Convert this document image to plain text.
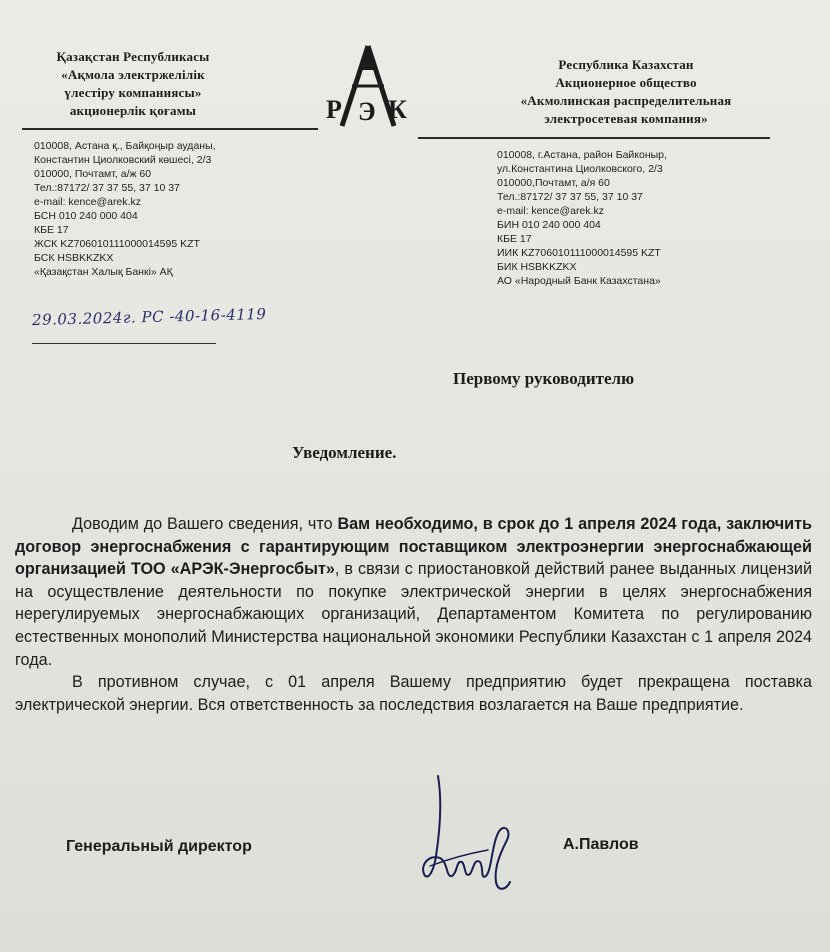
Қазақстан Республикасы
«Ақмола электржелілік
үлестіру компаниясы»
акционерлік қоғамы	Р Э К
Республика Казахстан
Акционерное общество
«Акмолинская распределительная
электросетевая компания»
010008, Астана қ., Байқоңыр ауданы,
Константин Циолковский көшесі, 2/3
010000, Почтамт, а/ж 60
Тел.:87172/ 37 37 55, 37 10 37
e-mail: kence@arek.kz
БСН 010 240 000 404
КБЕ 17
ЖСК KZ706010111000014595 KZT
БСК HSBKKZKX
«Қазақстан Халық Банкі» АҚ
010008, г.Астана, район Байконыр,
ул.Константина Циолковского, 2/3
010000,Почтамт, а/я 60
Тел.:87172/ 37 37 55, 37 10 37
e-mail: kence@arek.kz
БИН 010 240 000 404
КБЕ 17
ИИК KZ706010111000014595 KZT
БИК HSBKKZKX
АО «Народный Банк Казахстана»
29.03.2024г. РС -40-16-4119
Первому руководителю
Уведомление.

Доводим до Вашего сведения, что Вам необходимо, в срок до 1 апреля 2024 года, заключить договор энергоснабжения с гарантирующим поставщиком электроэнергии энергоснабжающей организацией ТОО «АРЭК-Энергосбыт», в связи с приостановкой действий ранее выданных лицензий на осуществление деятельности по покупке электрической энергии в целях энергоснабжения нерегулируемых энергоснабжающих организаций, Департаментом Комитета по регулированию естественных монополий Министерства национальной экономики Республики Казахстан с 1 апреля 2024 года.

В противном случае, с 01 апреля Вашему предприятию будет прекращена поставка электрической энергии. Вся ответственность за последствия возлагается на Ваше предприятие.

Генеральный директор	А.Павлов
